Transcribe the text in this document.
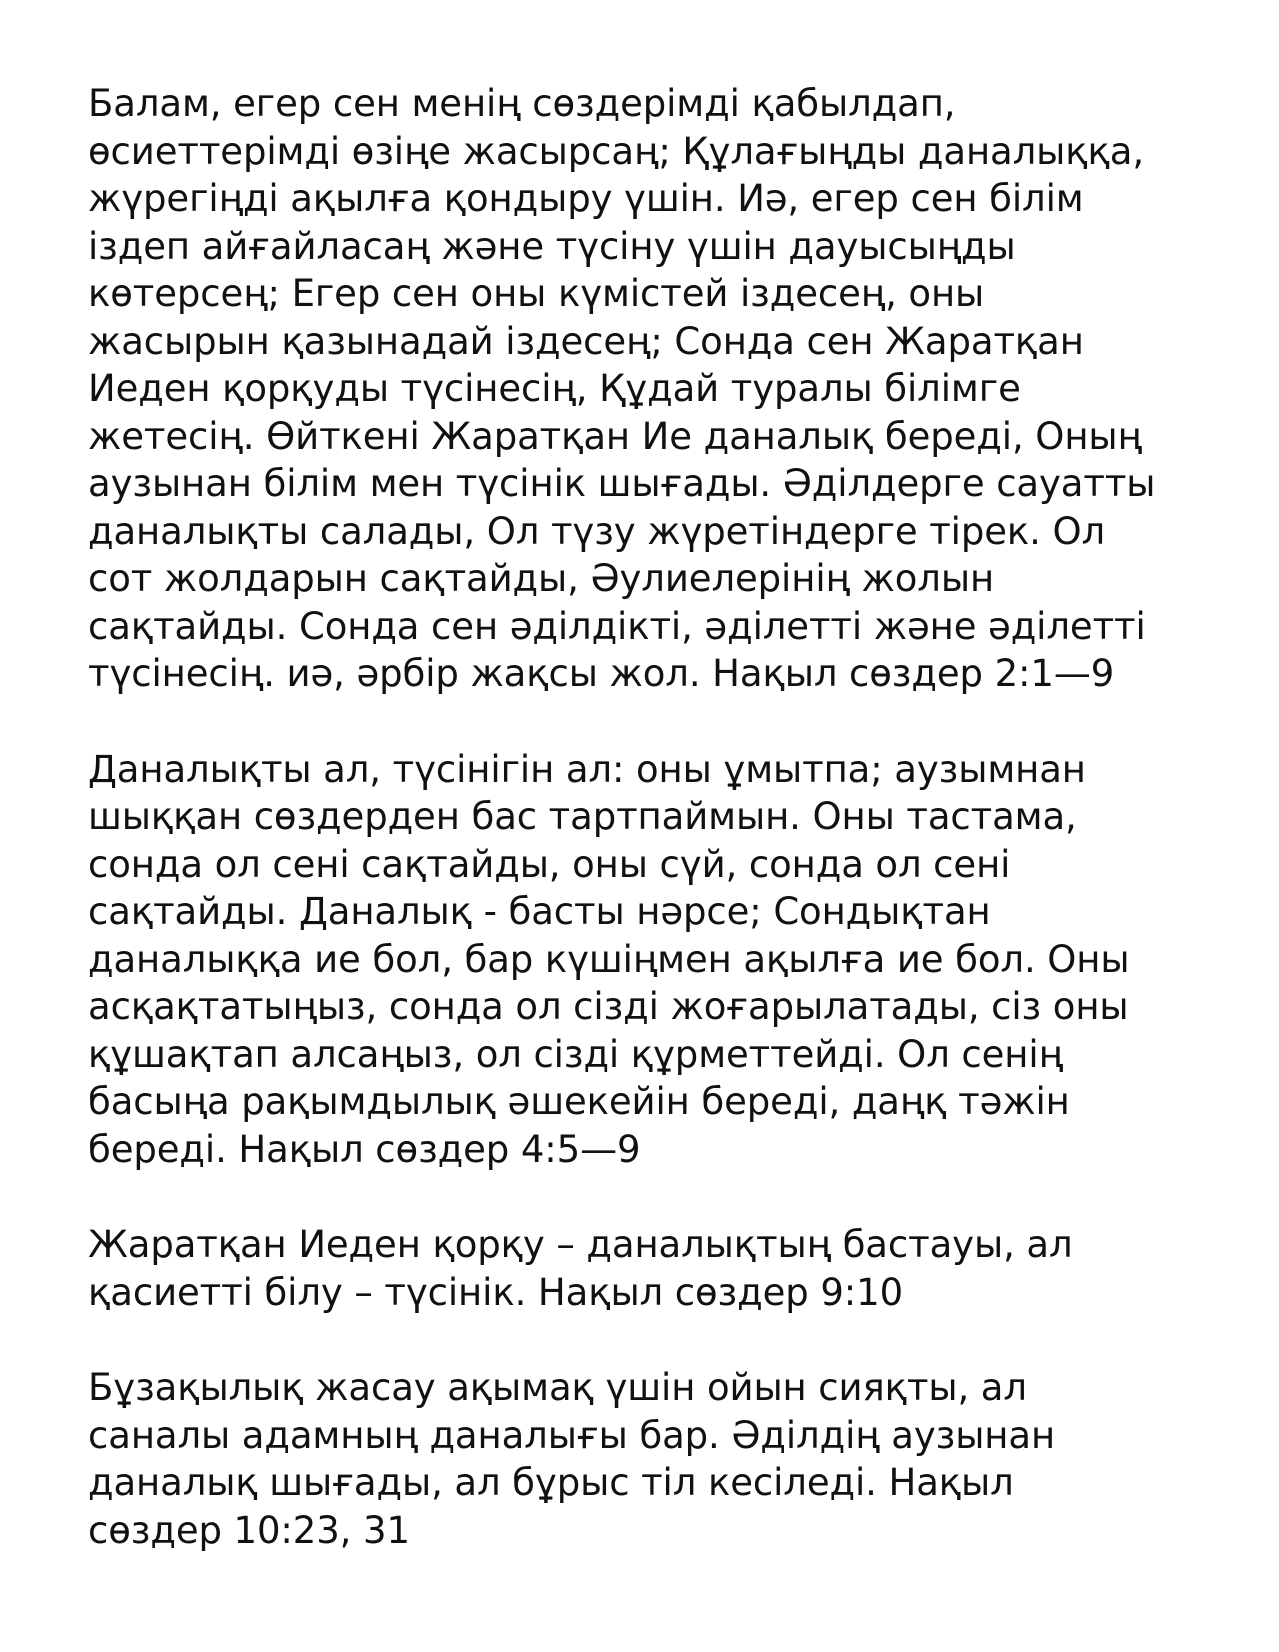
Балам, егер сен менің сөздерімді қабылдап,
өсиеттерімді өзіңе жасырсаң; Құлағыңды даналыққа,
жүрегіңді ақылға қондыру үшін. Иә, егер сен білім
іздеп айғайласаң және түсіну үшін дауысыңды
көтерсең; Егер сен оны күмістей іздесең, оны
жасырын қазынадай іздесең; Сонда сен Жаратқан
Иеден қорқуды түсінесің, Құдай туралы білімге
жетесің. Өйткені Жаратқан Ие даналық береді, Оның
аузынан білім мен түсінік шығады. Әділдерге сауатты
даналықты салады, Ол түзу жүретіндерге тірек. Ол
сот жолдарын сақтайды, Әулиелерінің жолын
сақтайды. Сонда сен әділдікті, әділетті және әділетті
түсінесің. иә, әрбір жақсы жол. Нақыл сөздер 2:1—9

Даналықты ал, түсінігін ал: оны ұмытпа; аузымнан
шыққан сөздерден бас тартпаймын. Оны тастама,
сонда ол сені сақтайды, оны сүй, сонда ол сені
сақтайды. Даналық - басты нәрсе; Сондықтан
даналыққа ие бол, бар күшіңмен ақылға ие бол. Оны
асқақтатыңыз, сонда ол сізді жоғарылатады, сіз оны
құшақтап алсаңыз, ол сізді құрметтейді. Ол сенің
басыңа рақымдылық әшекейін береді, даңқ тәжін
береді. Нақыл сөздер 4:5—9

Жаратқан Иеден қорқу – даналықтың бастауы, ал
қасиетті білу – түсінік. Нақыл сөздер 9:10

Бұзақылық жасау ақымақ үшін ойын сияқты, ал
саналы адамның даналығы бар. Әділдің аузынан
даналық шығады, ал бұрыс тіл кесіледі. Нақыл
сөздер 10:23, 31
